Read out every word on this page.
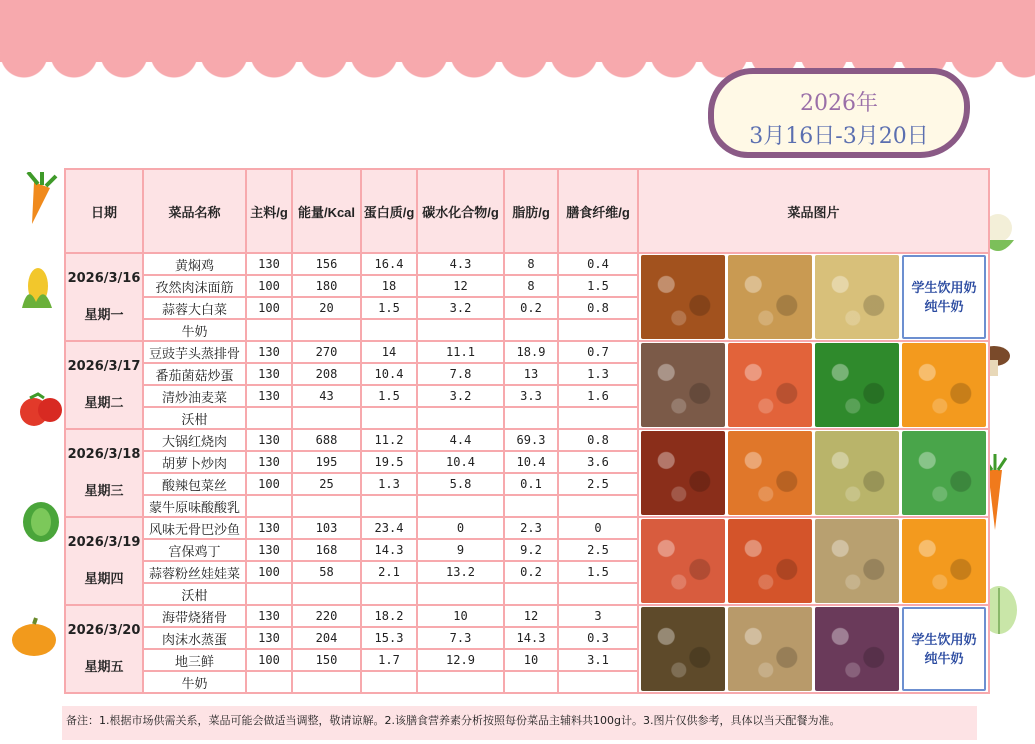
2026年
3月16日-3月20日
日期	菜品名称	主料/g	能量/Kcal	蛋白质/g	碳水化合物/g	脂肪/g	膳食纤维/g	菜品图片

2026/3/16
星期一	黄焖鸡	130	156	16.4	4.3	8	0.4	学生饮用奶 纯牛奶

	孜然肉沫面筋	100	180	18	12	8	1.5	
	蒜蓉大白菜	100	20	1.5	3.2	0.2	0.8	
	牛奶							

2026/3/17
星期二	豆豉芋头蒸排骨	130	270	14	11.1	18.9	0.7	

	番茄菌菇炒蛋	130	208	10.4	7.8	13	1.3	
	清炒油麦菜	130	43	1.5	3.2	3.3	1.6	
	沃柑							

2026/3/18
星期三	大锅红烧肉	130	688	11.2	4.4	69.3	0.8	

	胡萝卜炒肉	130	195	19.5	10.4	10.4	3.6	
	酸辣包菜丝	100	25	1.3	5.8	0.1	2.5	
	蒙牛原味酸酸乳							

2026/3/19
星期四	风味无骨巴沙鱼	130	103	23.4	0	2.3	0	

	宫保鸡丁	130	168	14.3	9	9.2	2.5	
	蒜蓉粉丝娃娃菜	100	58	2.1	13.2	0.2	1.5	
	沃柑							

2026/3/20
星期五	海带烧猪骨	130	220	18.2	10	12	3	学生饮用奶 纯牛奶

	肉沫水蒸蛋	130	204	15.3	7.3	14.3	0.3	
	地三鲜	100	150	1.7	12.9	10	3.1	
	牛奶							
备注：1.根据市场供需关系，菜品可能会做适当调整，敬请谅解。2.该膳食营养素分析按照每份菜品主辅料共100g计。3.图片仅供参考，具体以当天配餐为准。
